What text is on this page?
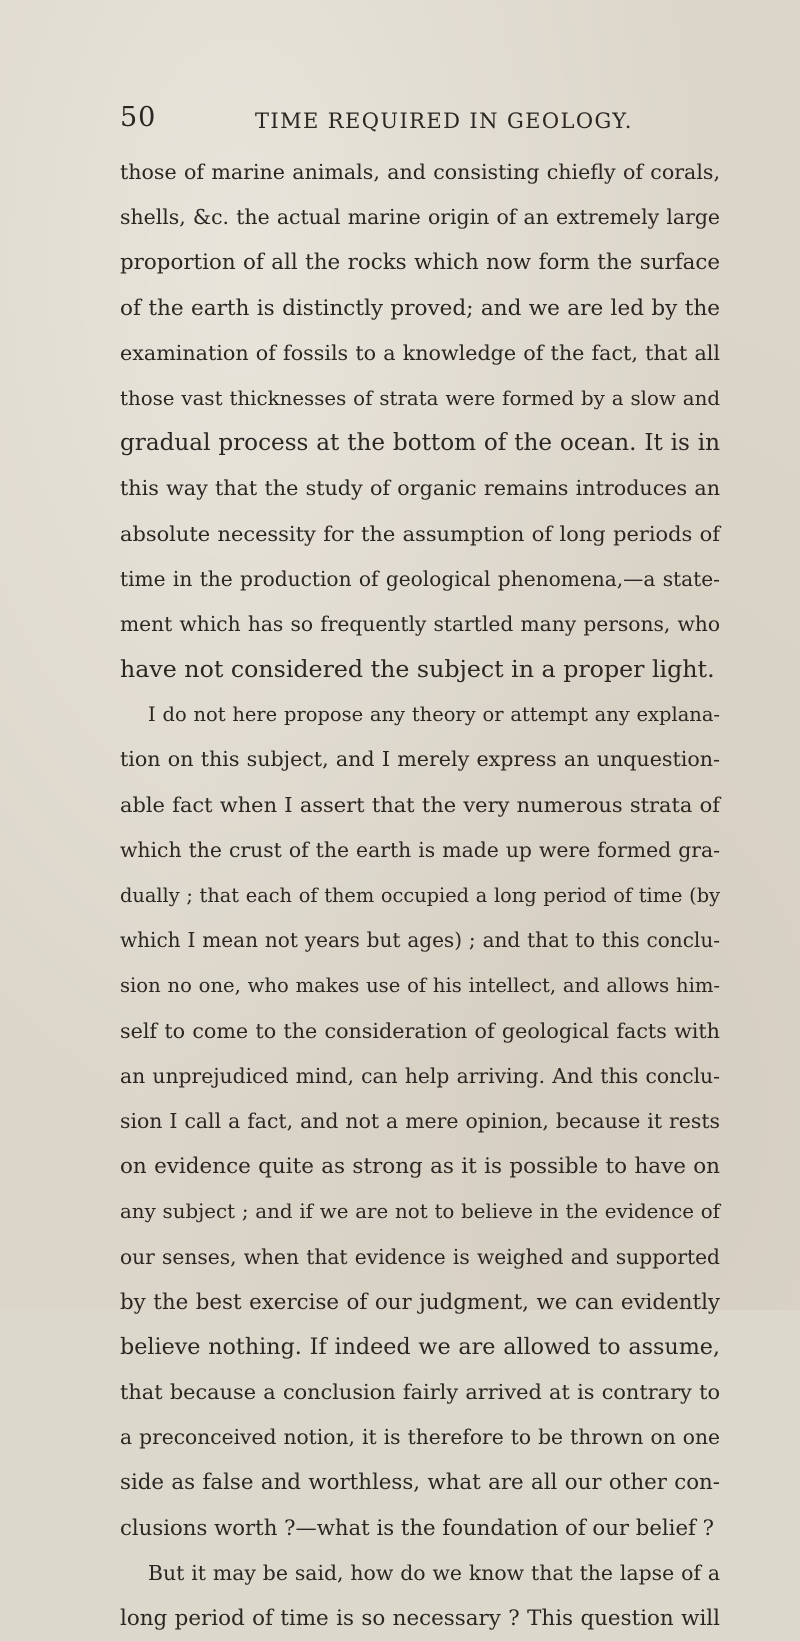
50	TIME REQUIRED IN GEOLOGY.
those of marine animals, and consisting chiefly of corals,
shells, &c. the actual marine origin of an extremely large
proportion of all the rocks which now form the surface
of the earth is distinctly proved; and we are led by the
examination of fossils to a knowledge of the fact, that all
those vast thicknesses of strata were formed by a slow and
gradual process at the bottom of the ocean. It is in
this way that the study of organic remains introduces an
absolute necessity for the assumption of long periods of
time in the production of geological phenomena,—a state-
ment which has so frequently startled many persons, who
have not considered the subject in a proper light.
I do not here propose any theory or attempt any explana-
tion on this subject, and I merely express an unquestion-
able fact when I assert that the very numerous strata of
which the crust of the earth is made up were formed gra-
dually ; that each of them occupied a long period of time (by
which I mean not years but ages) ; and that to this conclu-
sion no one, who makes use of his intellect, and allows him-
self to come to the consideration of geological facts with
an unprejudiced mind, can help arriving. And this conclu-
sion I call a fact, and not a mere opinion, because it rests
on evidence quite as strong as it is possible to have on
any subject ; and if we are not to believe in the evidence of
our senses, when that evidence is weighed and supported
by the best exercise of our judgment, we can evidently
believe nothing. If indeed we are allowed to assume,
that because a conclusion fairly arrived at is contrary to
a preconceived notion, it is therefore to be thrown on one
side as false and worthless, what are all our other con-
clusions worth ?—what is the foundation of our belief ?
But it may be said, how do we know that the lapse of a
long period of time is so necessary ? This question will
